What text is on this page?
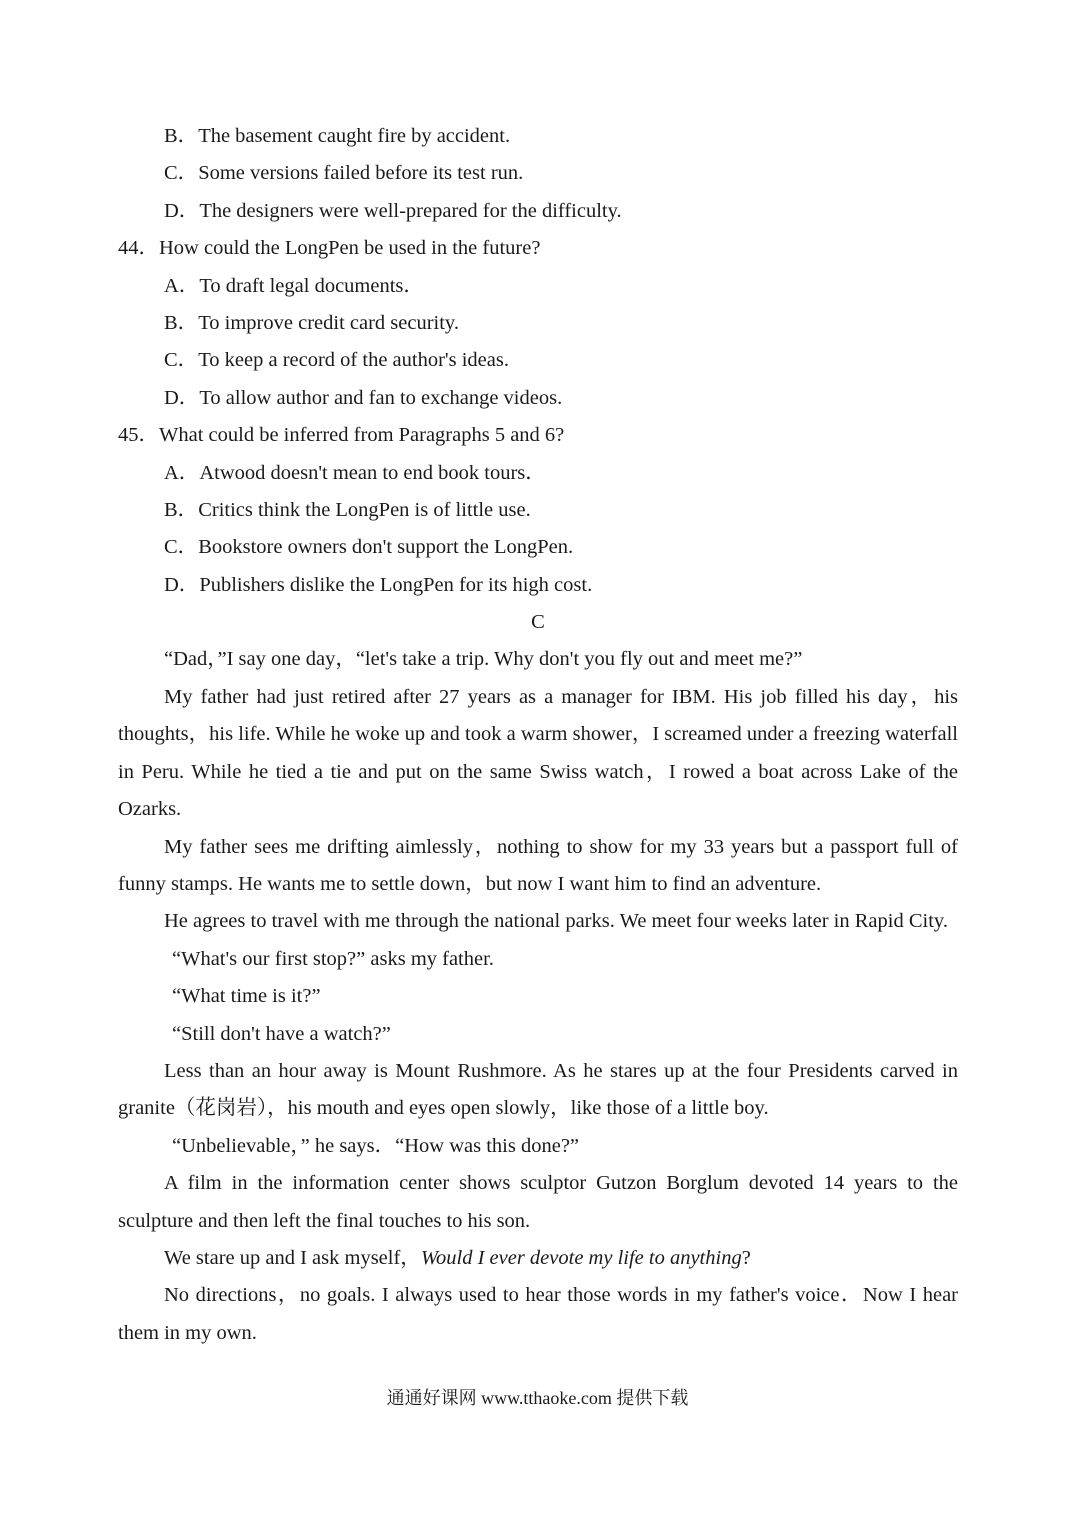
B．The basement caught fire by accident.
C．Some versions failed before its test run.
D．The designers were well-prepared for the difficulty.
44．How could the LongPen be used in the future?
A．To draft legal documents．
B．To improve credit card security.
C．To keep a record of the author's ideas.
D．To allow author and fan to exchange videos.
45．What could be inferred from Paragraphs 5 and 6?
A．Atwood doesn't mean to end book tours．
B．Critics think the LongPen is of little use.
C．Bookstore owners don't support the LongPen.
D．Publishers dislike the LongPen for its high cost.
C

“Dad，”I say one day，“let's take a trip. Why don't you fly out and meet me?”

My father had just retired after 27 years as a manager for IBM. His job filled his day，his thoughts，his life. While he woke up and took a warm shower，I screamed under a freezing waterfall in Peru. While he tied a tie and put on the same Swiss watch，I rowed a boat across Lake of the Ozarks.

My father sees me drifting aimlessly，nothing to show for my 33 years but a passport full of funny stamps. He wants me to settle down，but now I want him to find an adventure.

He agrees to travel with me through the national parks. We meet four weeks later in Rapid City.

“What's our first stop?” asks my father.

“What time is it?”

“Still don't have a watch?”

Less than an hour away is Mount Rushmore. As he stares up at the four Presidents carved in granite（花岗岩），his mouth and eyes open slowly，like those of a little boy.

“Unbelievable，” he says．“How was this done?”

A film in the information center shows sculptor Gutzon Borglum devoted 14 years to the sculpture and then left the final touches to his son.

We stare up and I ask myself，Would I ever devote my life to anything?

No directions，no goals. I always used to hear those words in my father's voice．Now I hear them in my own.

通通好课网 www.tthaoke.com 提供下载
